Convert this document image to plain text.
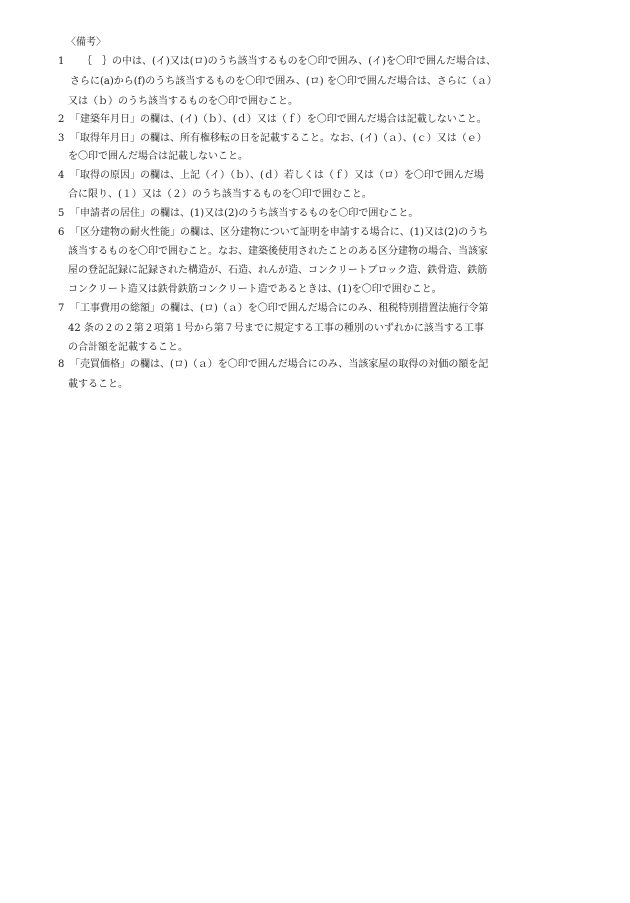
〈備考〉
1 　｛　｝の中は、(イ)又は(ロ)のうち該当するものを〇印で囲み、(イ)を〇印で囲んだ場合は、
さらに(a)から(f)のうち該当するものを〇印で囲み、(ロ) を〇印で囲んだ場合は、さらに（ａ）
又は（ｂ）のうち該当するものを〇印で囲むこと。
2 「建築年月日」の欄は、(イ)（ｂ）、(ｄ）又は（ｆ）を〇印で囲んだ場合は記載しないこと。
3 「取得年月日」の欄は、所有権移転の日を記載すること。なお、(イ)（ａ）、(ｃ）又は（ｅ）
を〇印で囲んだ場合は記載しないこと。
4 「取得の原因」の欄は、上記（イ）（ｂ）、(ｄ）若しくは（ｆ）又は（ロ）を〇印で囲んだ場
合に限り、(１）又は（２）のうち該当するものを〇印で囲むこと。
5 「申請者の居住」の欄は、(1)又は(2)のうち該当するものを〇印で囲むこと。
6 「区分建物の耐火性能」の欄は、区分建物について証明を申請する場合に、(1)又は(2)のうち
該当するものを〇印で囲むこと。なお、建築後使用されたことのある区分建物の場合、当該家
屋の登記記録に記録された構造が、石造、れんが造、コンクリートブロック造、鉄骨造、鉄筋
コンクリート造又は鉄骨鉄筋コンクリート造であるときは、(1)を〇印で囲むこと。
7 「工事費用の総額」の欄は、(ロ)（ａ）を〇印で囲んだ場合にのみ、租税特別措置法施行令第
42 条の２の２第２項第１号から第７号までに規定する工事の種別のいずれかに該当する工事
の合計額を記載すること。
8 「売買価格」の欄は、(ロ)（ａ）を〇印で囲んだ場合にのみ、当該家屋の取得の対価の額を記
載すること。
